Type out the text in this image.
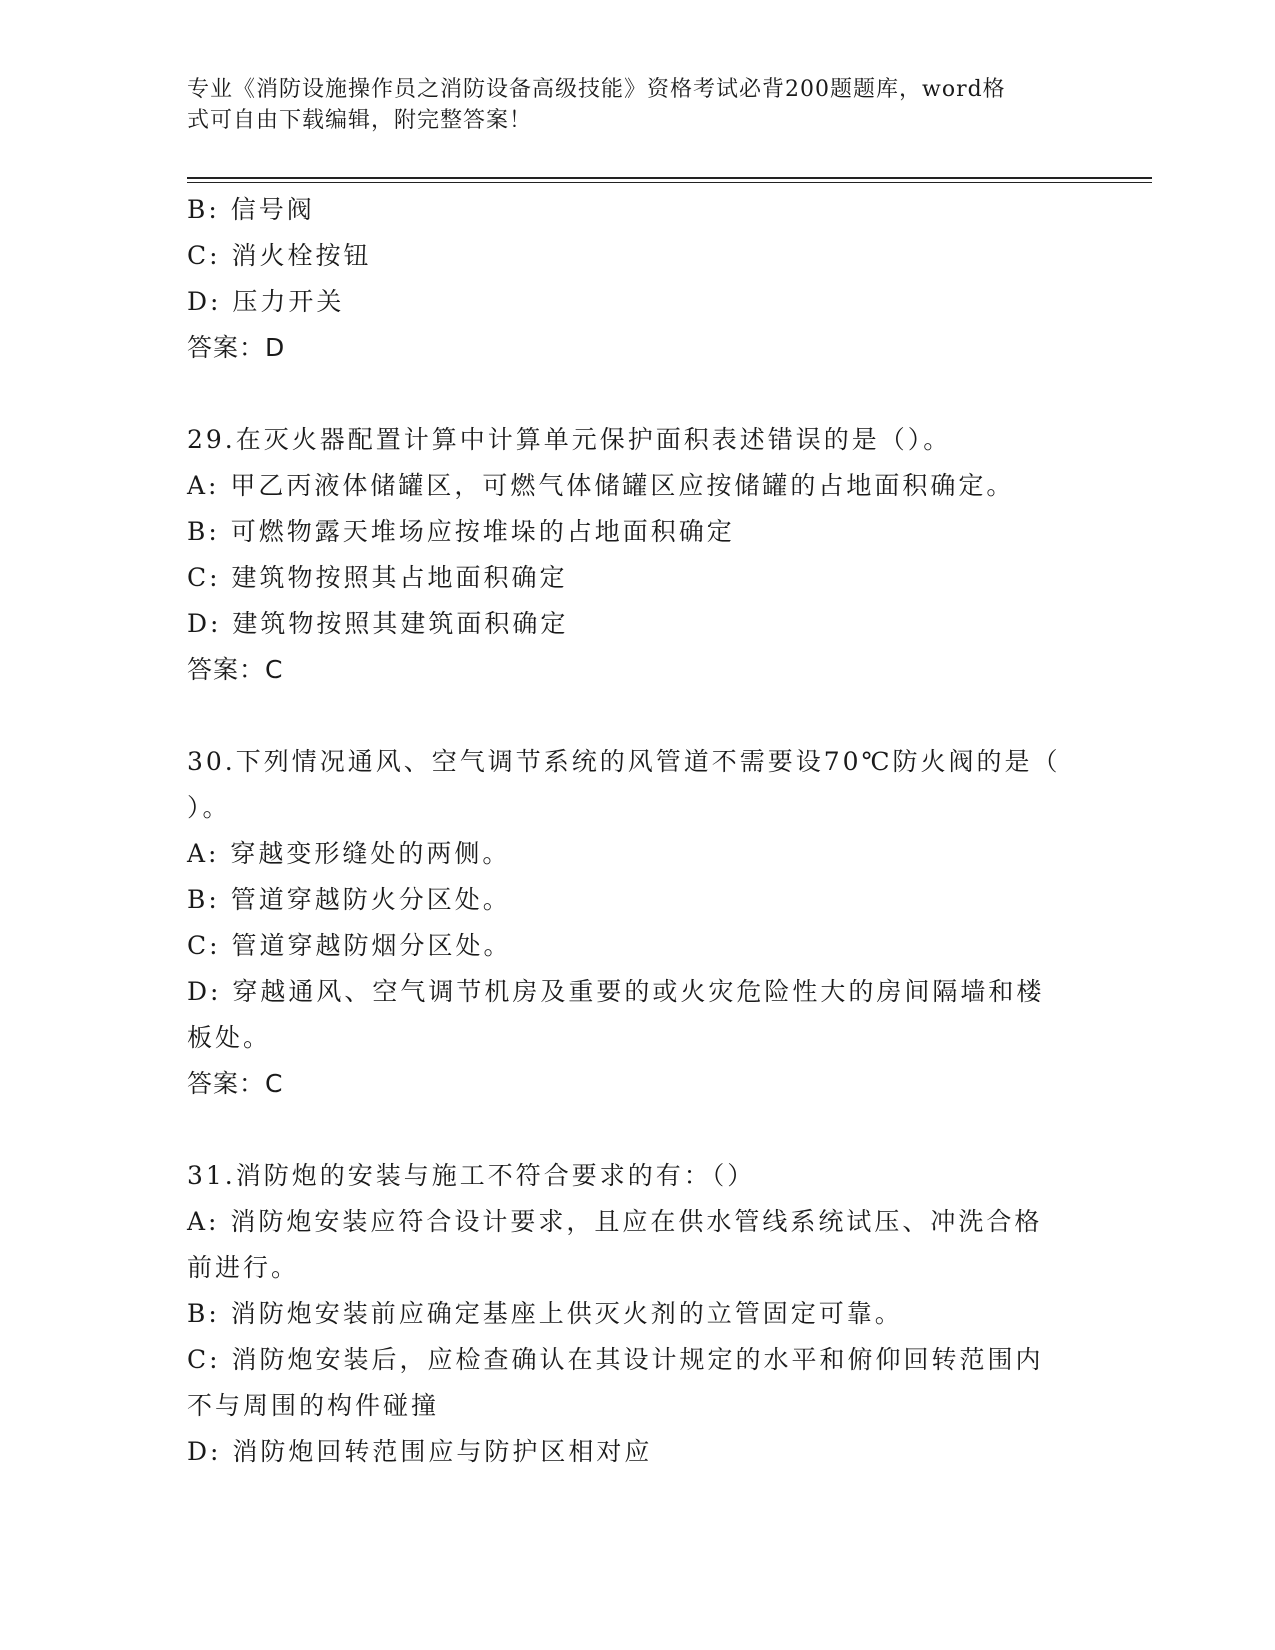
专业《消防设施操作员之消防设备高级技能》资格考试必背200题题库，word格
式可自由下载编辑，附完整答案！
B: 信号阀
C: 消火栓按钮
D: 压力开关
答案：D
29.在灭火器配置计算中计算单元保护面积表述错误的是（）。
A: 甲乙丙液体储罐区，可燃气体储罐区应按储罐的占地面积确定。
B: 可燃物露天堆场应按堆垛的占地面积确定
C: 建筑物按照其占地面积确定
D: 建筑物按照其建筑面积确定
答案：C
30.下列情况通风、空气调节系统的风管道不需要设70℃防火阀的是（
）。
A: 穿越变形缝处的两侧。
B: 管道穿越防火分区处。
C: 管道穿越防烟分区处。
D: 穿越通风、空气调节机房及重要的或火灾危险性大的房间隔墙和楼
板处。
答案：C
31.消防炮的安装与施工不符合要求的有：（）
A: 消防炮安装应符合设计要求，且应在供水管线系统试压、冲洗合格
前进行。
B: 消防炮安装前应确定基座上供灭火剂的立管固定可靠。
C: 消防炮安装后，应检查确认在其设计规定的水平和俯仰回转范围内
不与周围的构件碰撞
D: 消防炮回转范围应与防护区相对应
